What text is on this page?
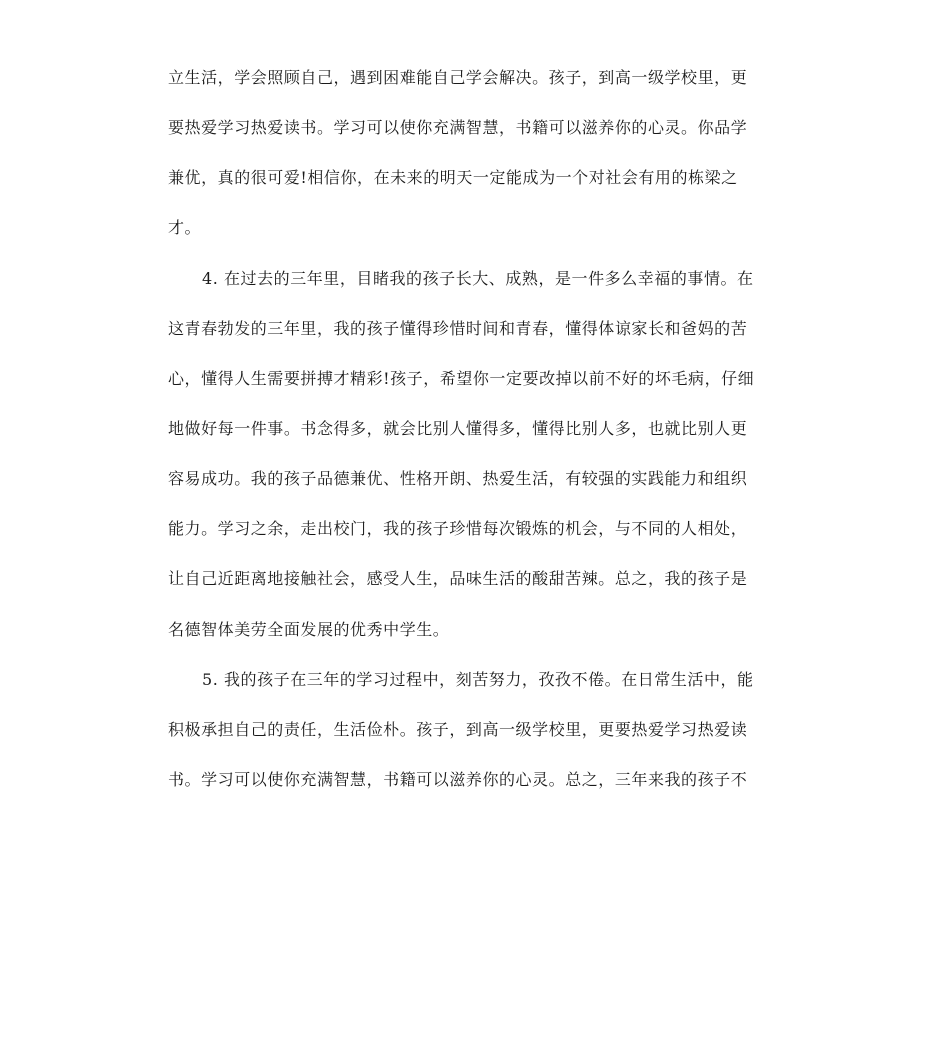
立生活，学会照顾自己，遇到困难能自己学会解决。孩子，到高一级学校里，更
要热爱学习热爱读书。学习可以使你充满智慧，书籍可以滋养你的心灵。你品学
兼优，真的很可爱!相信你，在未来的明天一定能成为一个对社会有用的栋梁之
才。
4. 在过去的三年里，目睹我的孩子长大、成熟，是一件多么幸福的事情。在
这青春勃发的三年里，我的孩子懂得珍惜时间和青春，懂得体谅家长和爸妈的苦
心，懂得人生需要拼搏才精彩!孩子，希望你一定要改掉以前不好的坏毛病，仔细
地做好每一件事。书念得多，就会比别人懂得多，懂得比别人多，也就比别人更
容易成功。我的孩子品德兼优、性格开朗、热爱生活，有较强的实践能力和组织
能力。学习之余，走出校门，我的孩子珍惜每次锻炼的机会，与不同的人相处，
让自己近距离地接触社会，感受人生，品味生活的酸甜苦辣。总之，我的孩子是
名德智体美劳全面发展的优秀中学生。
5. 我的孩子在三年的学习过程中，刻苦努力，孜孜不倦。在日常生活中，能
积极承担自己的责任，生活俭朴。孩子，到高一级学校里，更要热爱学习热爱读
书。学习可以使你充满智慧，书籍可以滋养你的心灵。总之，三年来我的孩子不
